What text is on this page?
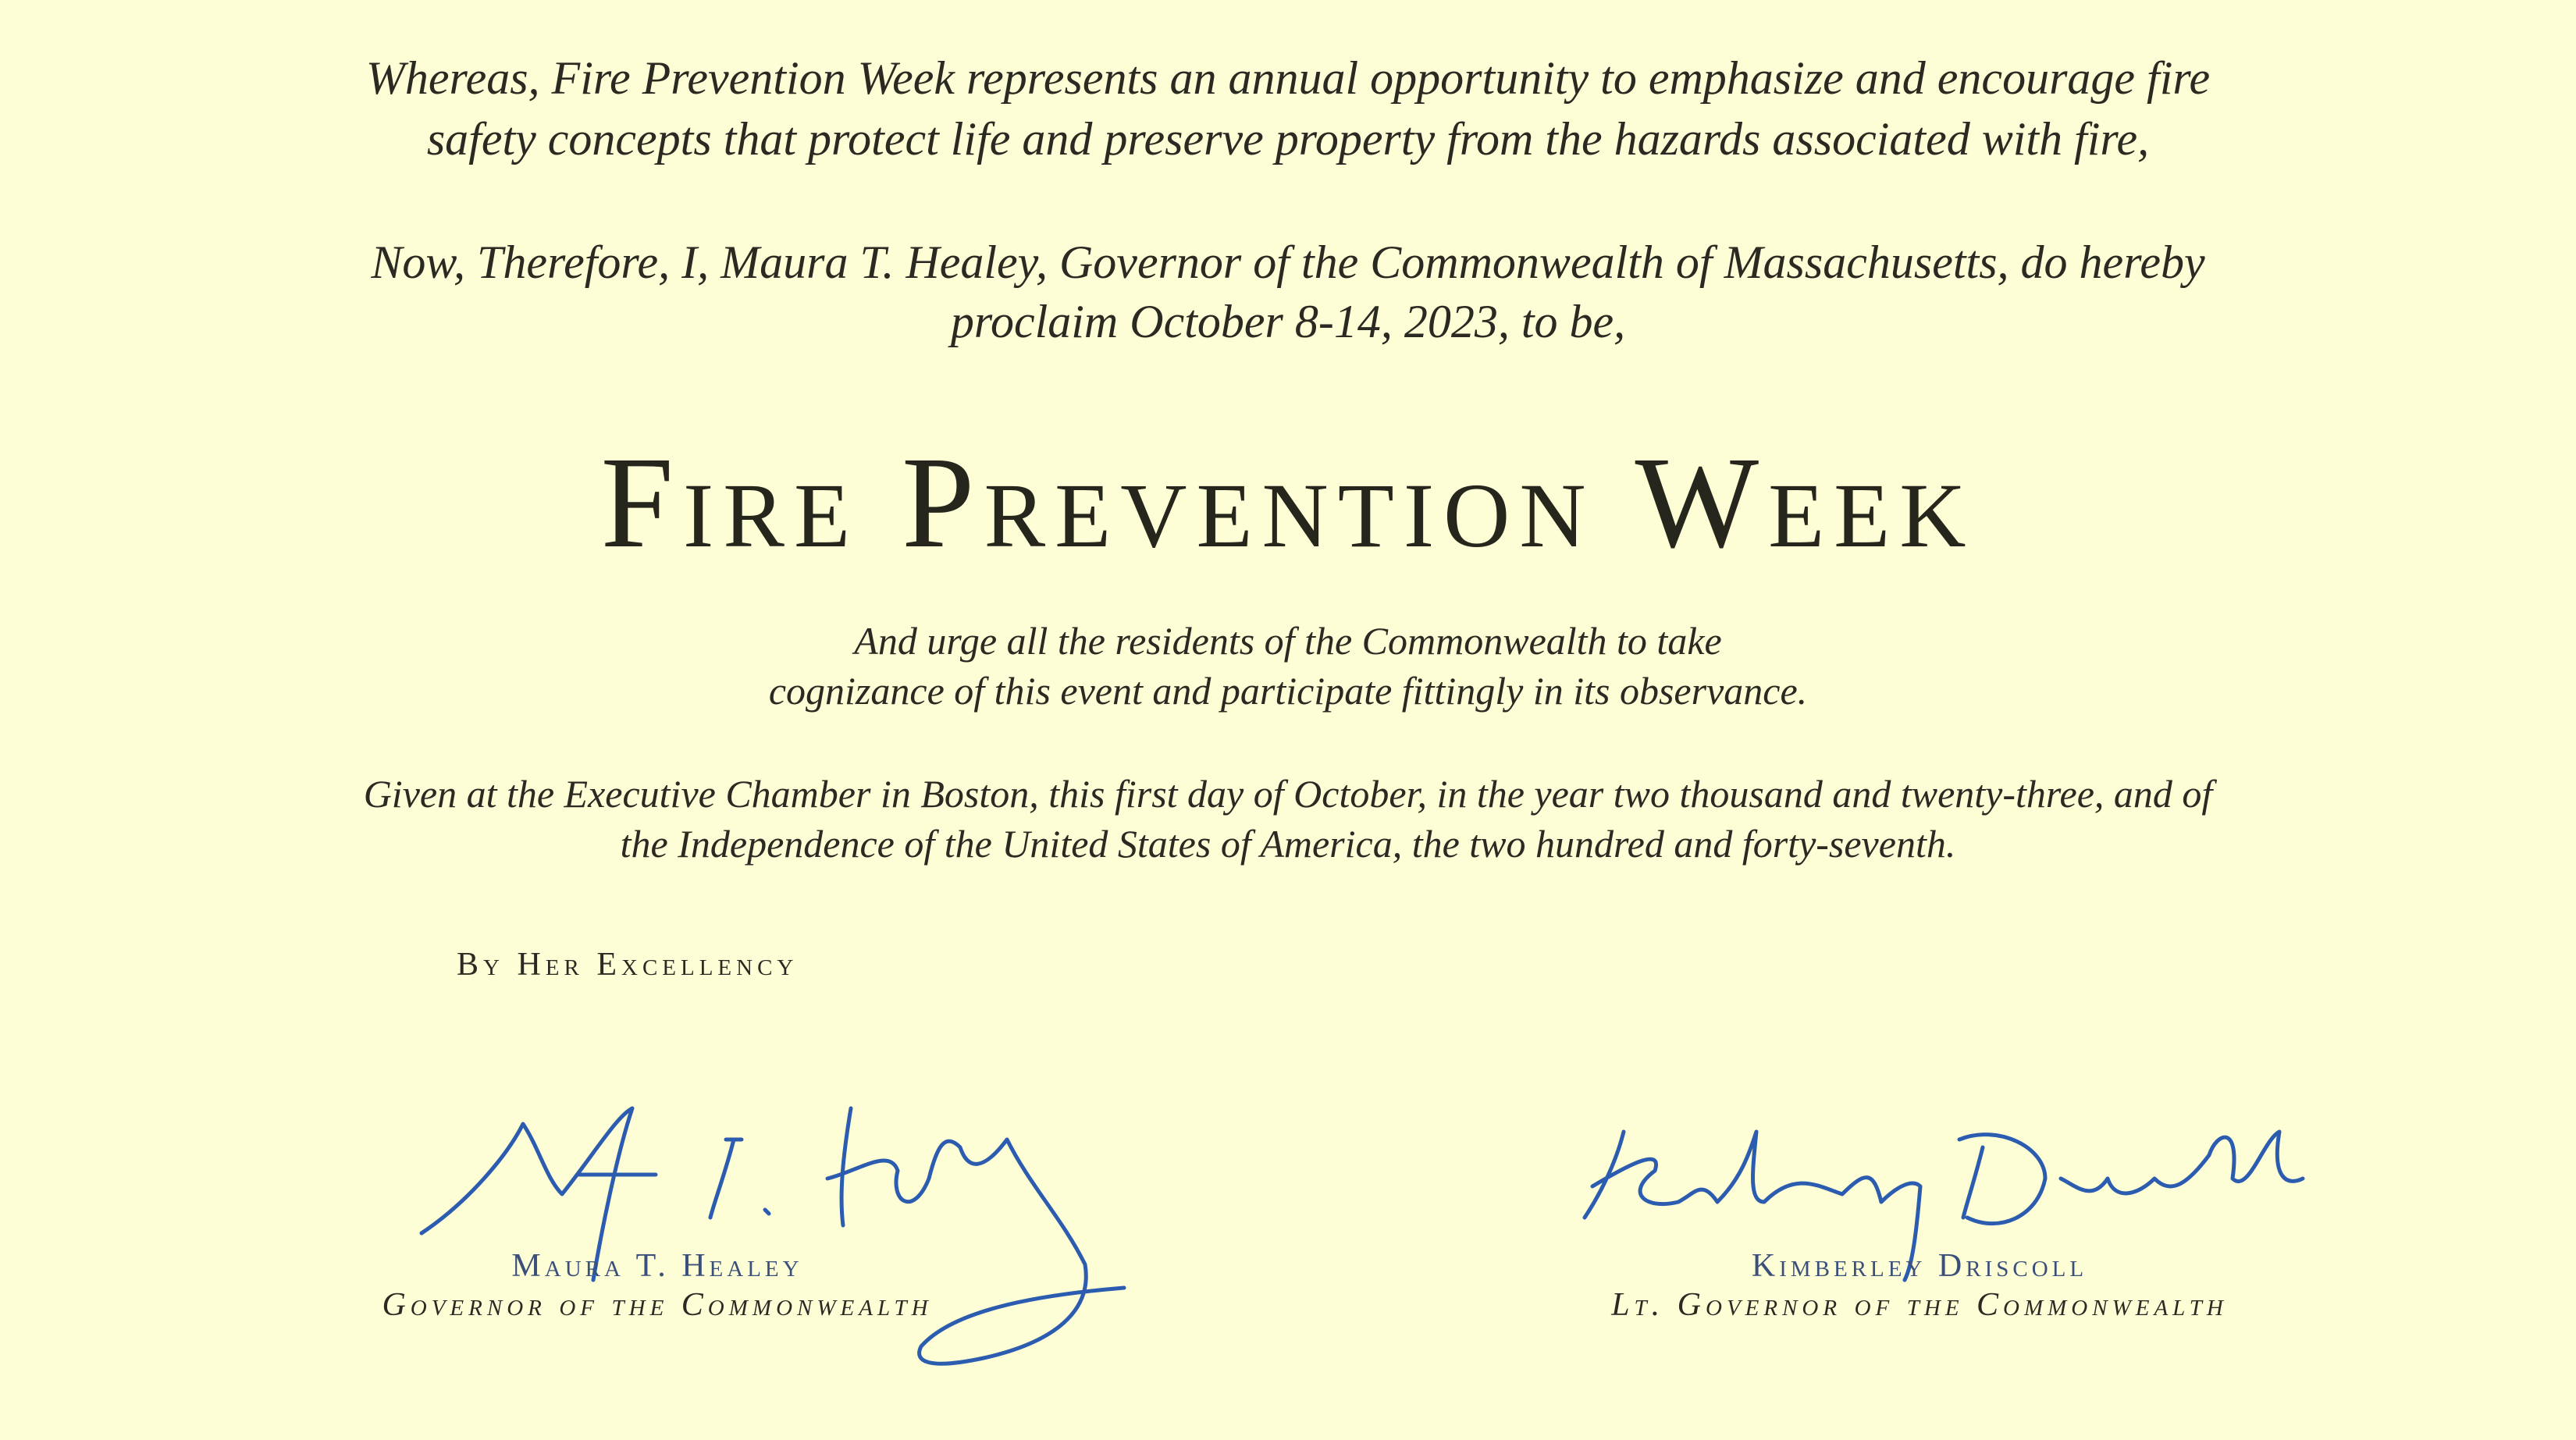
Whereas, Fire Prevention Week represents an annual opportunity to emphasize and encourage fire
safety concepts that protect life and preserve property from the hazards associated with fire,
Now, Therefore, I, Maura T. Healey, Governor of the Commonwealth of Massachusetts, do hereby
proclaim October 8-14, 2023, to be,
Fire Prevention Week
And urge all the residents of the Commonwealth to take
cognizance of this event and participate fittingly in its observance.
Given at the Executive Chamber in Boston, this first day of October, in the year two thousand and twenty-three, and of
the Independence of the United States of America, the two hundred and forty-seventh.
By Her Excellency
Maura T. Healey
Governor of the Commonwealth
Kimberley Driscoll
Lt. Governor of the Commonwealth
